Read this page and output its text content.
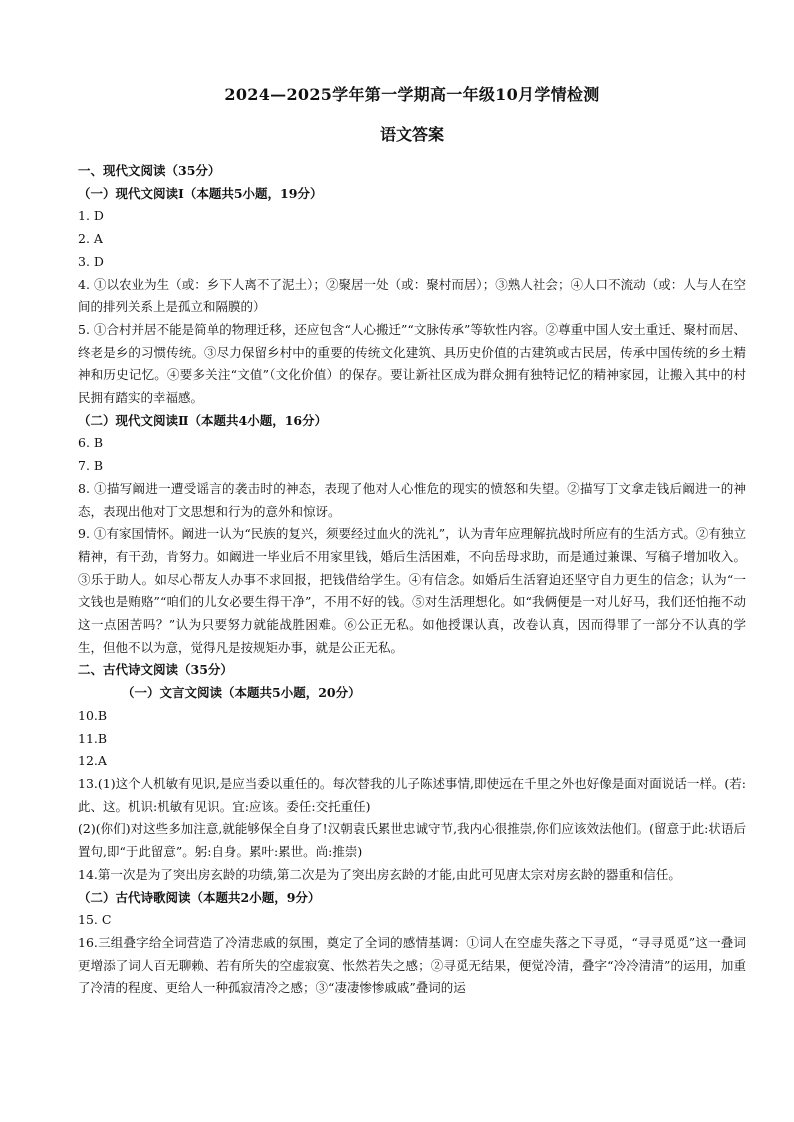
2024—2025学年第一学期高一年级10月学情检测
语文答案

一、现代文阅读（35分）

（一）现代文阅读Ⅰ（本题共5小题，19分）

1. D

2. A

3. D

4. ①以农业为生（或：乡下人离不了泥土）；②聚居一处（或：聚村而居）；③熟人社会；④人口不流动（或：人与人在空间的排列关系上是孤立和隔膜的）

5. ①合村并居不能是简单的物理迁移，还应包含“人心搬迁”“文脉传承”等软性内容。②尊重中国人安土重迁、聚村而居、终老是乡的习惯传统。③尽力保留乡村中的重要的传统文化建筑、具历史价值的古建筑或古民居，传承中国传统的乡土精神和历史记忆。④要多关注“文值”（文化价值）的保存。要让新社区成为群众拥有独特记忆的精神家园，让搬入其中的村民拥有踏实的幸福感。

（二）现代文阅读Ⅱ（本题共4小题，16分）

6. B

7. B

8. ①描写阚进一遭受谣言的袭击时的神态，表现了他对人心惟危的现实的愤怒和失望。②描写丁文拿走钱后阚进一的神态，表现出他对丁文思想和行为的意外和惊讶。

9. ①有家国情怀。阚进一认为“民族的复兴，须要经过血火的洗礼”，认为青年应理解抗战时所应有的生活方式。②有独立精神，有干劲，肯努力。如阚进一毕业后不用家里钱，婚后生活困难，不向岳母求助，而是通过兼课、写稿子增加收入。③乐于助人。如尽心帮友人办事不求回报，把钱借给学生。④有信念。如婚后生活窘迫还坚守自力更生的信念；认为“一文钱也是贿赂”“咱们的儿女必要生得干净”，不用不好的钱。⑤对生活理想化。如“我俩便是一对儿好马，我们还怕拖不动这一点困苦吗？”认为只要努力就能战胜困难。⑥公正无私。如他授课认真，改卷认真，因而得罪了一部分不认真的学生，但他不以为意，觉得凡是按规矩办事，就是公正无私。

二、古代诗文阅读（35分）

（一）文言文阅读（本题共5小题，20分）

10.B

11.B

12.A

13.(1)这个人机敏有见识,是应当委以重任的。每次替我的儿子陈述事情,即使远在千里之外也好像是面对面说话一样。(若:此、这。机识:机敏有见识。宜:应该。委任:交托重任)

(2)(你们)对这些多加注意,就能够保全自身了!汉朝袁氏累世忠诚守节,我内心很推崇,你们应该效法他们。(留意于此:状语后置句,即“于此留意”。躬:自身。累叶:累世。尚:推崇)

14.第一次是为了突出房玄龄的功绩,第二次是为了突出房玄龄的才能,由此可见唐太宗对房玄龄的器重和信任。

（二）古代诗歌阅读（本题共2小题，9分）

15. C

16.三组叠字给全词营造了冷清悲戚的氛围，奠定了全词的感情基调：①词人在空虚失落之下寻觅，“寻寻觅觅”这一叠词更增添了词人百无聊赖、若有所失的空虚寂寞、怅然若失之感；②寻觅无结果，便觉冷清，叠字“冷冷清清”的运用，加重了冷清的程度、更给人一种孤寂清冷之感；③“凄凄惨惨戚戚”叠词的运
